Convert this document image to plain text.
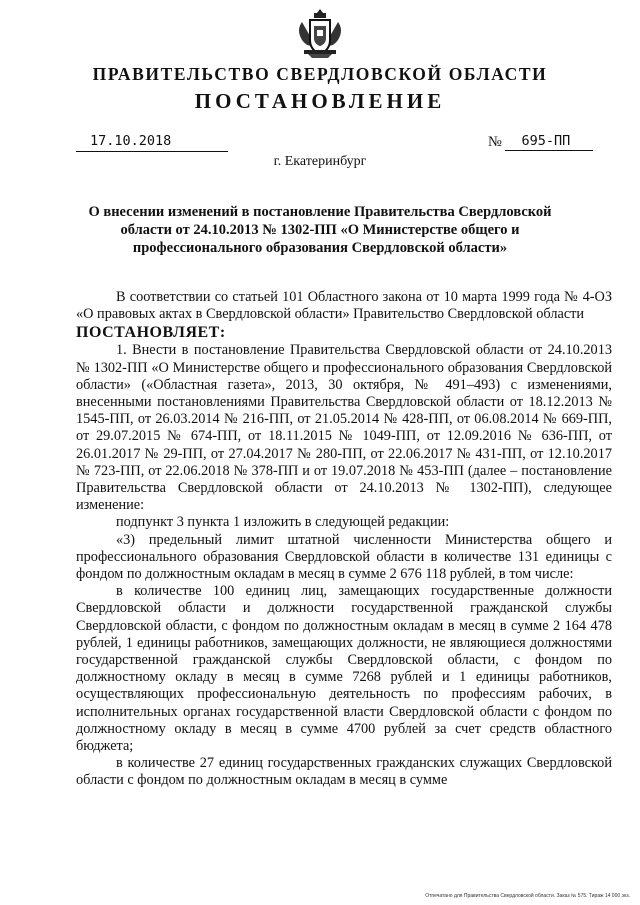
ПРАВИТЕЛЬСТВО СВЕРДЛОВСКОЙ ОБЛАСТИ
ПОСТАНОВЛЕНИЕ
17.10.2018	№ 695-ПП
г. Екатеринбург
О внесении изменений в постановление Правительства Свердловской области от 24.10.2013 № 1302-ПП «О Министерстве общего и профессионального образования Свердловской области»

В соответствии со статьей 101 Областного закона от 10 марта 1999 года № 4-ОЗ «О правовых актах в Свердловской области» Правительство Свердловской области

ПОСТАНОВЛЯЕТ:

1. Внести в постановление Правительства Свердловской области от 24.10.2013 № 1302-ПП «О Министерстве общего и профессионального образования Свердловской области» («Областная газета», 2013, 30 октября, № 491–493) с изменениями, внесенными постановлениями Правительства Свердловской области от 18.12.2013 № 1545-ПП, от 26.03.2014 № 216-ПП, от 21.05.2014 № 428-ПП, от 06.08.2014 № 669-ПП, от 29.07.2015 № 674-ПП, от 18.11.2015 № 1049-ПП, от 12.09.2016 № 636-ПП, от 26.01.2017 № 29-ПП, от 27.04.2017 № 280-ПП, от 22.06.2017 № 431-ПП, от 12.10.2017 № 723-ПП, от 22.06.2018 № 378-ПП и от 19.07.2018 № 453-ПП (далее – постановление Правительства Свердловской области от 24.10.2013 № 1302-ПП), следующее изменение:

подпункт 3 пункта 1 изложить в следующей редакции:

«3) предельный лимит штатной численности Министерства общего и профессионального образования Свердловской области в количестве 131 единицы с фондом по должностным окладам в месяц в сумме 2 676 118 рублей, в том числе:

в количестве 100 единиц лиц, замещающих государственные должности Свердловской области и должности государственной гражданской службы Свердловской области, с фондом по должностным окладам в месяц в сумме 2 164 478 рублей, 1 единицы работников, замещающих должности, не являющиеся должностями государственной гражданской службы Свердловской области, с фондом по должностному окладу в месяц в сумме 7268 рублей и 1 единицы работников, осуществляющих профессиональную деятельность по профессиям рабочих, в исполнительных органах государственной власти Свердловской области с фондом по должностному окладу в месяц в сумме 4700 рублей за счет средств областного бюджета;

в количестве 27 единиц государственных гражданских служащих Свердловской области с фондом по должностным окладам в месяц в сумме

Отпечатано для Правительства Свердловской области. Заказ № 575. Тираж 14 000 экз.
